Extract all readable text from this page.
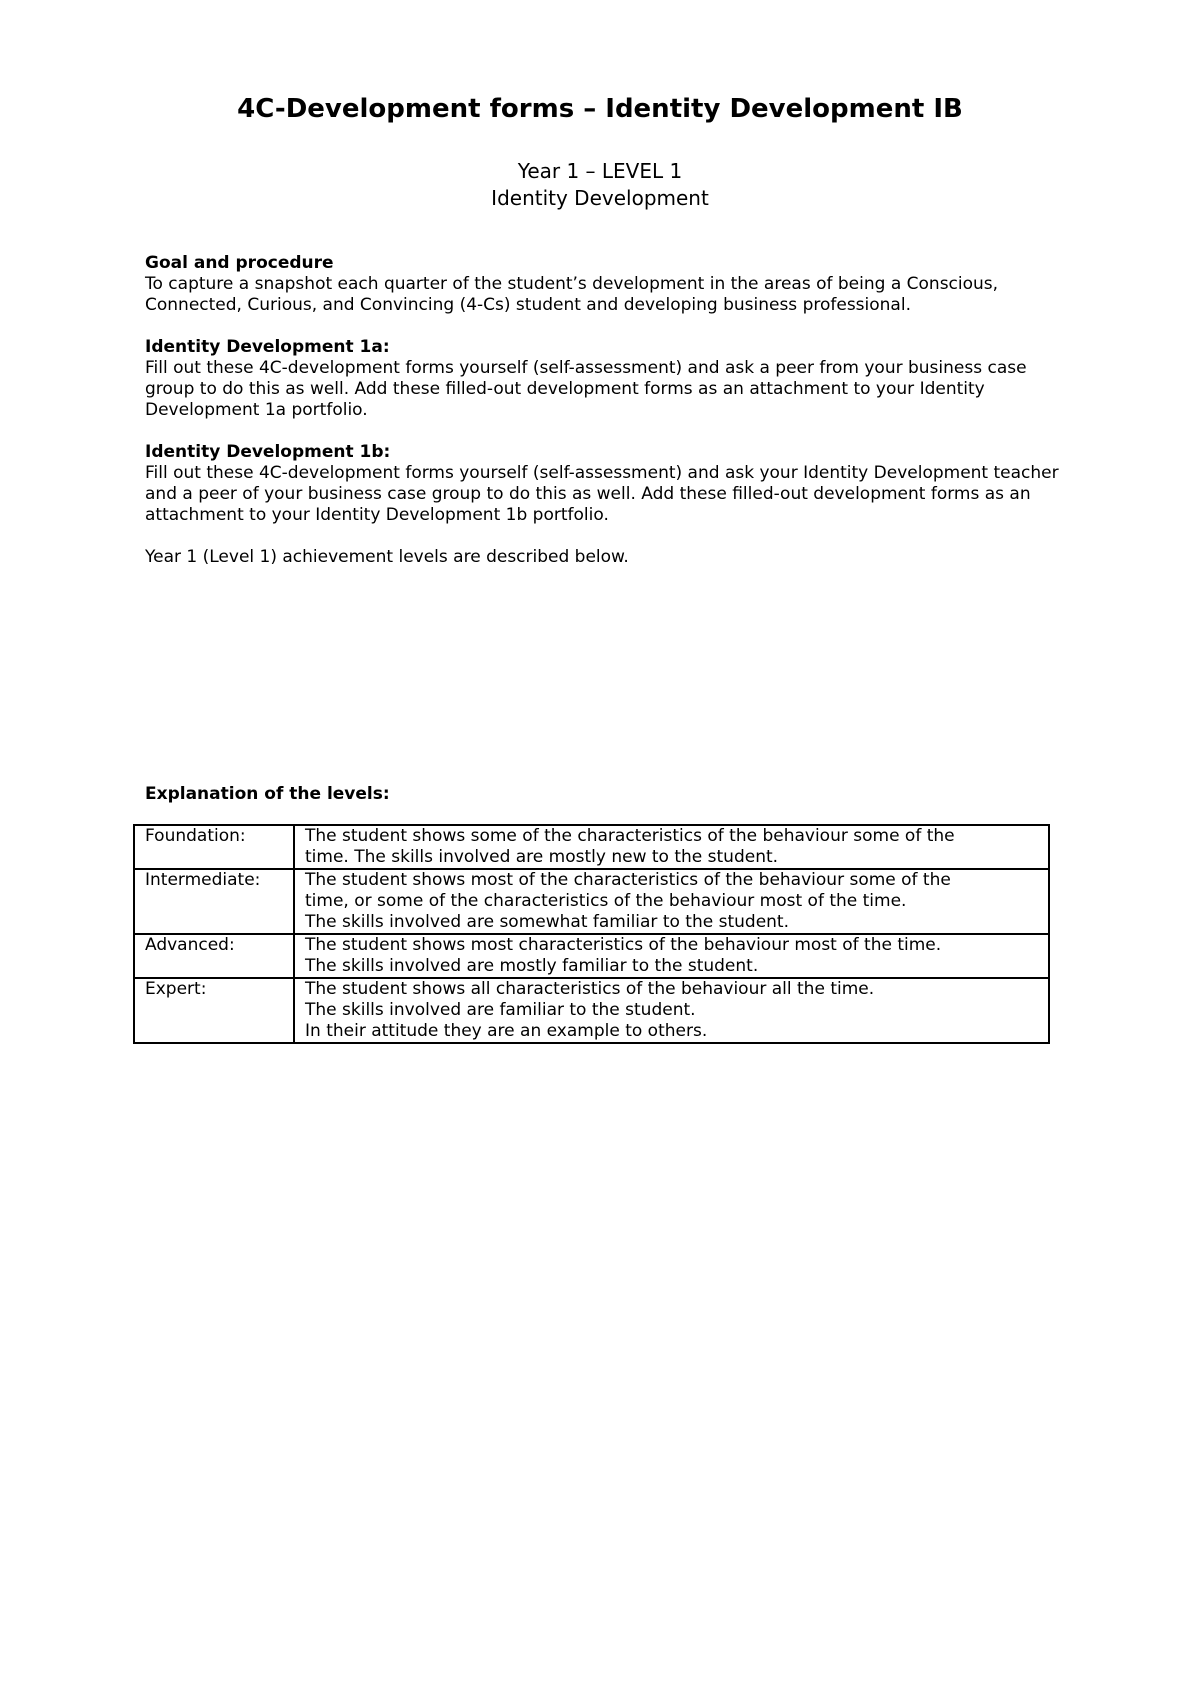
4C-Development forms – Identity Development IB
Year 1 – LEVEL 1
Identity Development
Goal and procedure

To capture a snapshot each quarter of the student’s development in the areas of being a Conscious, Connected, Curious, and Convincing (4-Cs) student and developing business professional.

Identity Development 1a:

Fill out these 4C-development forms yourself (self-assessment) and ask a peer from your business case group to do this as well. Add these filled-out development forms as an attachment to your Identity Development 1a portfolio.

Identity Development 1b:

Fill out these 4C-development forms yourself (self-assessment) and ask your Identity Development teacher and a peer of your business case group to do this as well. Add these filled-out development forms as an attachment to your Identity Development 1b portfolio.

Year 1 (Level 1) achievement levels are described below.

Explanation of the levels:
Foundation:	The student shows some of the characteristics of the behaviour some of the
time. The skills involved are mostly new to the student.

Intermediate:	The student shows most of the characteristics of the behaviour some of the
time, or some of the characteristics of the behaviour most of the time.
The skills involved are somewhat familiar to the student.

Advanced:	The student shows most characteristics of the behaviour most of the time.
The skills involved are mostly familiar to the student.

Expert:	The student shows all characteristics of the behaviour all the time.
The skills involved are familiar to the student.
In their attitude they are an example to others.
